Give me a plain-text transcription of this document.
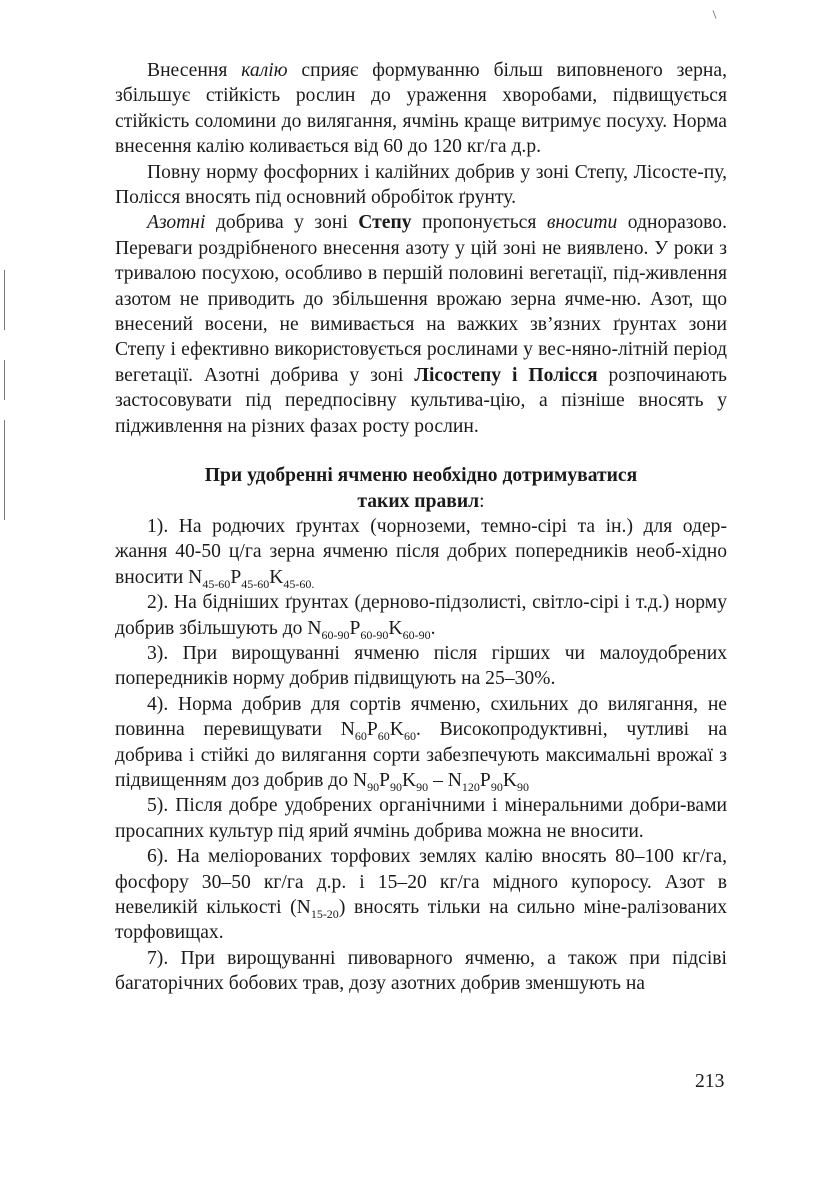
Внесення калію сприяє формуванню більш виповненого зерна, збільшує стійкість рослин до ураження хворобами, підвищується стійкість соломини до вилягання, ячмінь краще витримує посуху. Норма внесення калію коливається від 60 до 120 кг/га д.р.

Повну норму фосфорних і калійних добрив у зоні Степу, Лісосте-пу, Полісся вносять під основний обробіток ґрунту.

Азотні добрива у зоні Степу пропонується вносити одноразово. Переваги роздрібненого внесення азоту у цій зоні не виявлено. У роки з тривалою посухою, особливо в першій половині вегетації, під-живлення азотом не приводить до збільшення врожаю зерна ячме-ню. Азот, що внесений восени, не вимивається на важких зв’язних ґрунтах зони Степу і ефективно використовується рослинами у вес-няно-літній період вегетації. Азотні добрива у зоні Лісостепу і Полісся розпочинають застосовувати під передпосівну культива-цію, а пізніше вносять у підживлення на різних фазах росту рослин.

При удобренні ячменю необхідно дотримуватися
таких правил:

1). На родючих ґрунтах (чорноземи, темно-сірі та ін.) для одер-жання 40-50 ц/га зерна ячменю після добрих попередників необ-хідно вносити $N_{45-60}P_{45-60}K_{45-60.}$

2). На бідніших ґрунтах (дерново-підзолисті, світло-сірі і т.д.) норму добрив збільшують до $N_{60-90}P_{60-90}K_{60-90}$.

3). При вирощуванні ячменю після гірших чи малоудобрених попередників норму добрив підвищують на 25–30%.

4). Норма добрив для сортів ячменю, схильних до вилягання, не повинна перевищувати $N_{60}P_{60}K_{60}$. Високопродуктивні, чутливі на добрива і стійкі до вилягання сорти забезпечують максимальні врожаї з підвищенням доз добрив до $N_{90}P_{90}K_{90} - N_{120}P_{90}K_{90}$

5). Після добре удобрених органічними і мінеральними добри-вами просапних культур під ярий ячмінь добрива можна не вносити.

6). На меліорованих торфових землях калію вносять 80–100 кг/га, фосфору 30–50 кг/га д.р. і 15–20 кг/га мідного купоросу. Азот в невеликій кількості $(N_{15-20})$ вносять тільки на сильно міне-ралізованих торфовищах.

7). При вирощуванні пивоварного ячменю, а також при підсіві багаторічних бобових трав, дозу азотних добрив зменшують на

213
